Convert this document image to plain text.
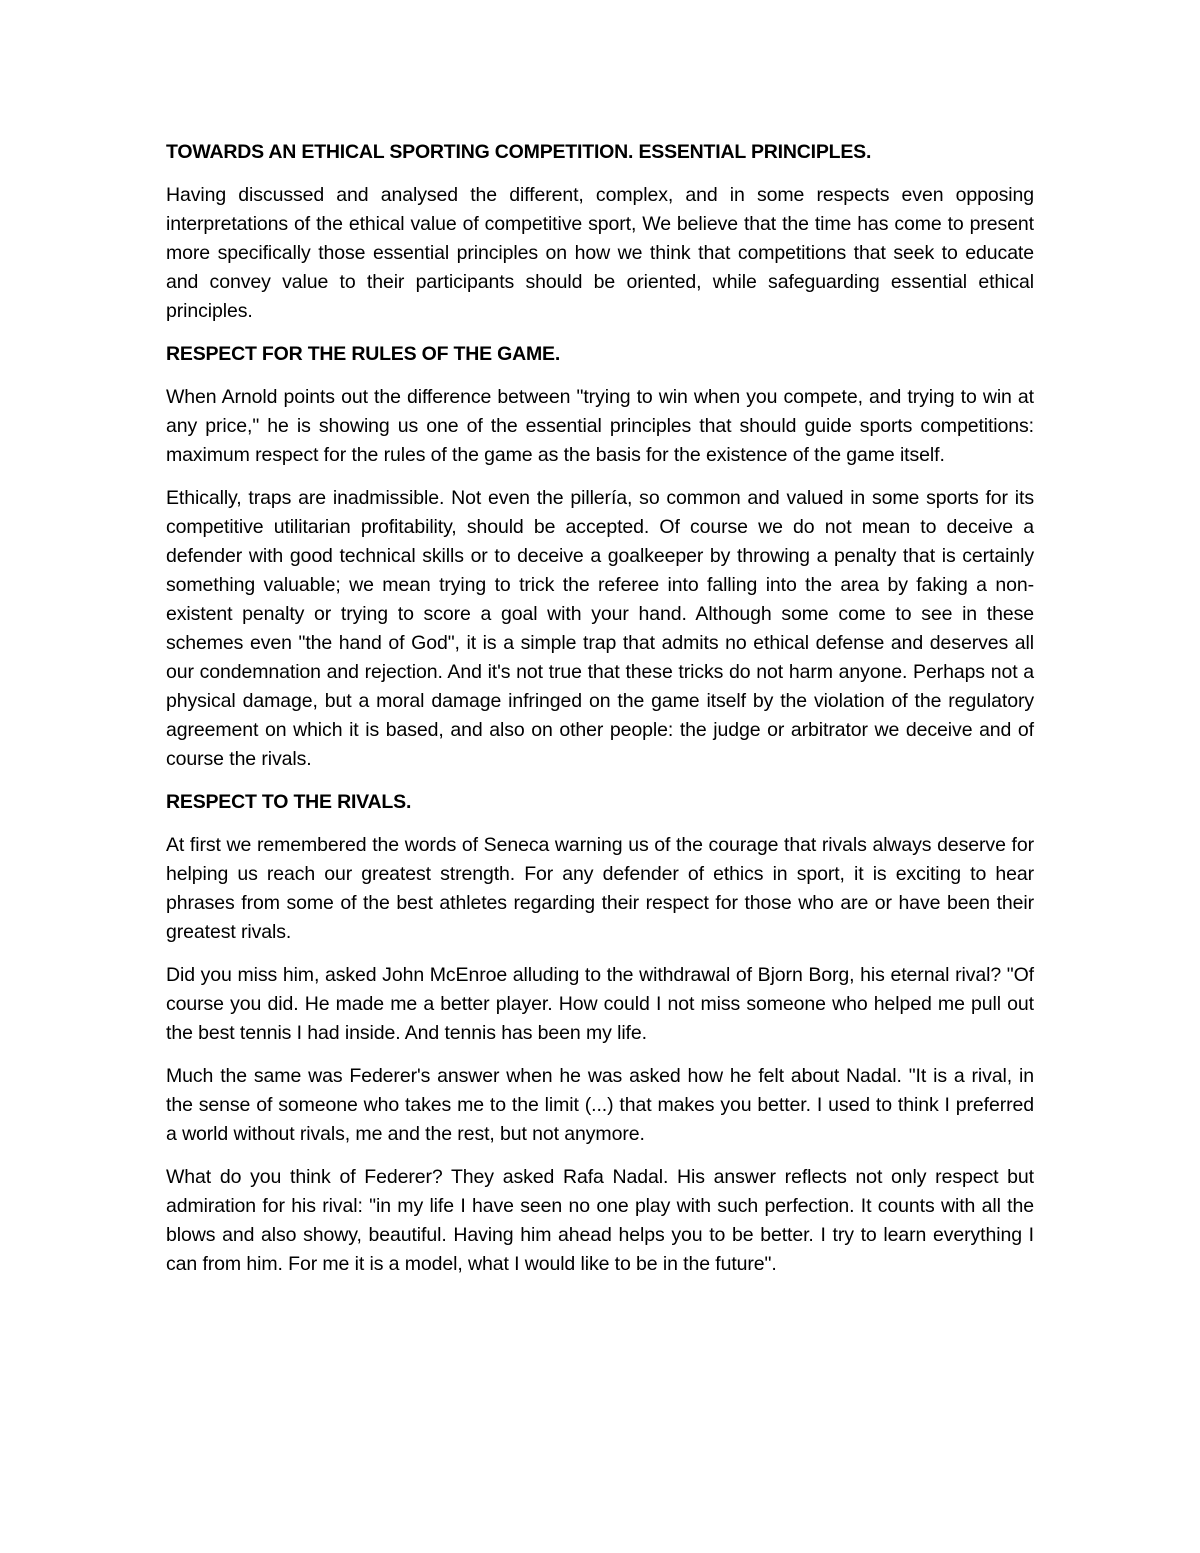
TOWARDS AN ETHICAL SPORTING COMPETITION. ESSENTIAL PRINCIPLES.

Having discussed and analysed the different, complex, and in some respects even opposing interpretations of the ethical value of competitive sport, We believe that the time has come to present more specifically those essential principles on how we think that competitions that seek to educate and convey value to their participants should be oriented, while safeguarding essential ethical principles.

RESPECT FOR THE RULES OF THE GAME.

When Arnold points out the difference between "trying to win when you compete, and trying to win at any price," he is showing us one of the essential principles that should guide sports competitions: maximum respect for the rules of the game as the basis for the existence of the game itself.

Ethically, traps are inadmissible. Not even the pillería, so common and valued in some sports for its competitive utilitarian profitability, should be accepted. Of course we do not mean to deceive a defender with good technical skills or to deceive a goalkeeper by throwing a penalty that is certainly something valuable; we mean trying to trick the referee into falling into the area by faking a non-existent penalty or trying to score a goal with your hand. Although some come to see in these schemes even "the hand of God", it is a simple trap that admits no ethical defense and deserves all our condemnation and rejection. And it's not true that these tricks do not harm anyone. Perhaps not a physical damage, but a moral damage infringed on the game itself by the violation of the regulatory agreement on which it is based, and also on other people: the judge or arbitrator we deceive and of course the rivals.

RESPECT TO THE RIVALS.

At first we remembered the words of Seneca warning us of the courage that rivals always deserve for helping us reach our greatest strength. For any defender of ethics in sport, it is exciting to hear phrases from some of the best athletes regarding their respect for those who are or have been their greatest rivals.

Did you miss him, asked John McEnroe alluding to the withdrawal of Bjorn Borg, his eternal rival? "Of course you did. He made me a better player. How could I not miss someone who helped me pull out the best tennis I had inside. And tennis has been my life.

Much the same was Federer's answer when he was asked how he felt about Nadal. "It is a rival, in the sense of someone who takes me to the limit (...) that makes you better. I used to think I preferred a world without rivals, me and the rest, but not anymore.

What do you think of Federer? They asked Rafa Nadal. His answer reflects not only respect but admiration for his rival: "in my life I have seen no one play with such perfection. It counts with all the blows and also showy, beautiful. Having him ahead helps you to be better. I try to learn everything I can from him. For me it is a model, what I would like to be in the future".
